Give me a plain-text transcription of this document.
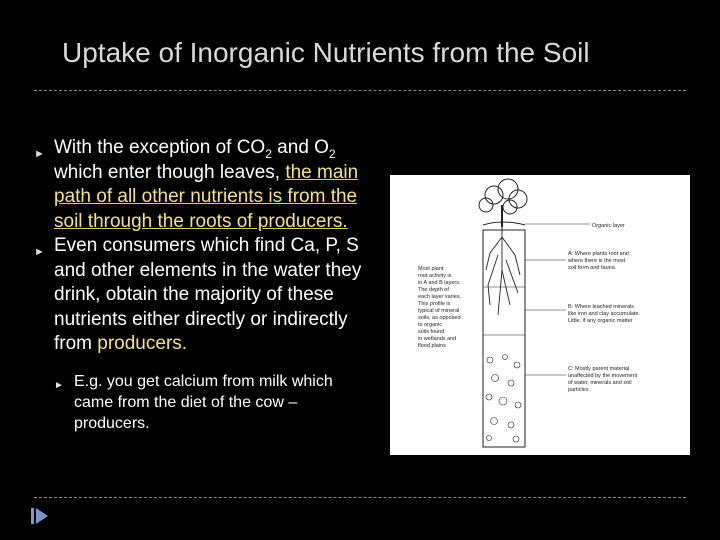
Uptake of Inorganic Nutrients from the Soil
► With the exception of $CO_2$ and $O_2$ which enter though leaves, the main path of all other nutrients is from the soil through the roots of producers.
► Even consumers which find Ca, P, S and other elements in the water they drink, obtain the majority of these nutrients either directly or indirectly from producers.
► E.g. you get calcium from milk which came from the diet of the cow – producers.
Organic layer
A: Where plants root and where there is the most soil form and fauna
B: Where leached minerals like iron and clay accumulate. Little, if any organic matter
C: Mostly parent material unaffected by the movement of water, minerals and soil particles
Most plant root activity is in A and B layers. The depth of each layer varies. This profile is typical of mineral soils, as opposed to organic soils found in wetlands and flood plains
